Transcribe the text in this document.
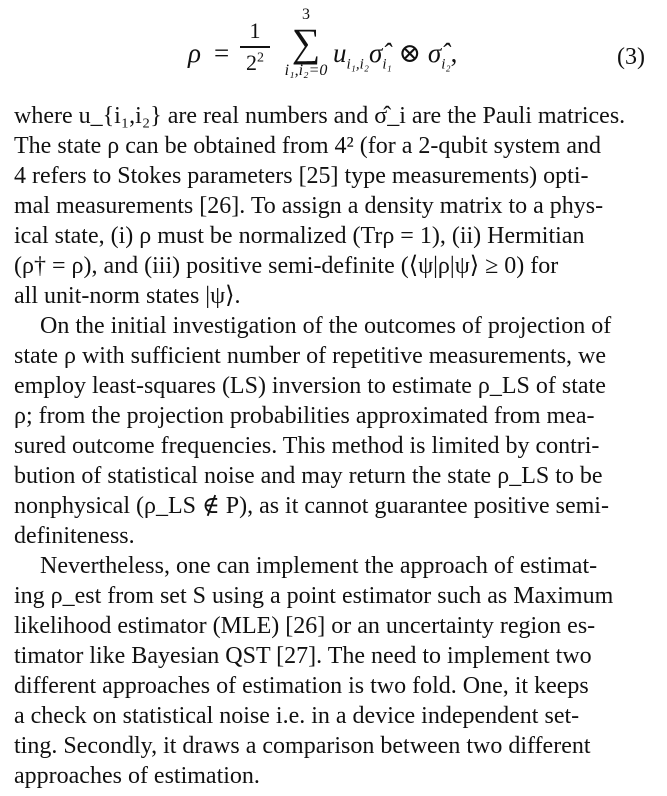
ρ =
1
$2^2$
3
∑
i₁,i₂=0
$u_{i_1,i_2}\sigmâ_{i_1}$ ⊗ $\sigmâ_{i_2}$,	(3)
where u_{i₁,i₂} are real numbers and σ̂_i are the Pauli matrices.
The state ρ can be obtained from 4² (for a 2-qubit system and
4 refers to Stokes parameters [25] type measurements) opti-
mal measurements [26]. To assign a density matrix to a phys-
ical state, (i) ρ must be normalized (Trρ = 1), (ii) Hermitian
(ρ† = ρ), and (iii) positive semi-definite (⟨ψ|ρ|ψ⟩ ≥ 0) for
all unit-norm states |ψ⟩.
On the initial investigation of the outcomes of projection of
state ρ with sufficient number of repetitive measurements, we
employ least-squares (LS) inversion to estimate ρ_LS of state
ρ; from the projection probabilities approximated from mea-
sured outcome frequencies. This method is limited by contri-
bution of statistical noise and may return the state ρ_LS to be
nonphysical (ρ_LS ∉ P), as it cannot guarantee positive semi-
definiteness.
Nevertheless, one can implement the approach of estimat-
ing ρ_est from set S using a point estimator such as Maximum
likelihood estimator (MLE) [26] or an uncertainty region es-
timator like Bayesian QST [27]. The need to implement two
different approaches of estimation is two fold. One, it keeps
a check on statistical noise i.e. in a device independent set-
ting. Secondly, it draws a comparison between two different
approaches of estimation.
